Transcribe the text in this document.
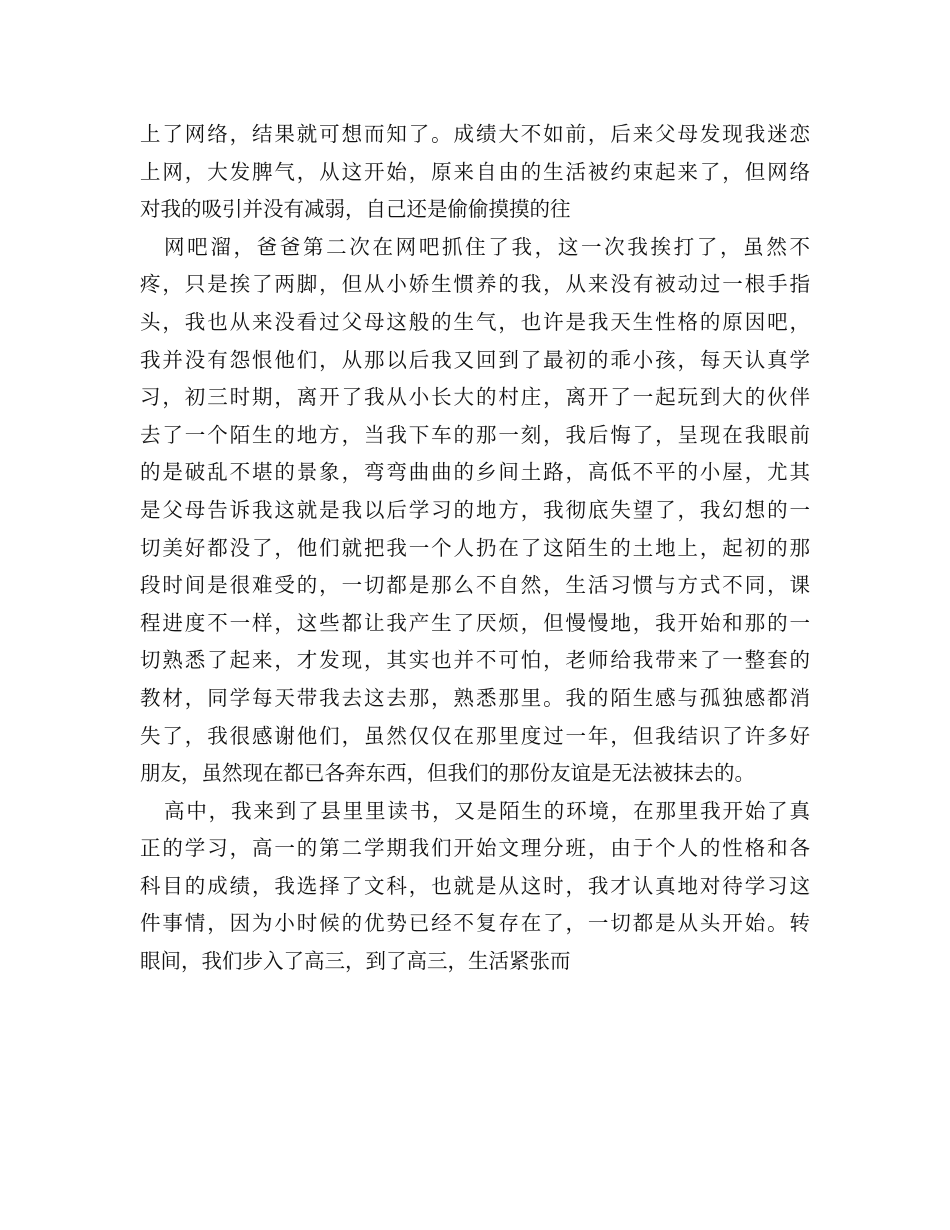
上了网络，结果就可想而知了。成绩大不如前，后来父母发现我迷恋
上网，大发脾气，从这开始，原来自由的生活被约束起来了，但网络
对我的吸引并没有减弱，自己还是偷偷摸摸的往
网吧溜，爸爸第二次在网吧抓住了我，这一次我挨打了，虽然不
疼，只是挨了两脚，但从小娇生惯养的我，从来没有被动过一根手指
头，我也从来没看过父母这般的生气，也许是我天生性格的原因吧，
我并没有怨恨他们，从那以后我又回到了最初的乖小孩，每天认真学
习，初三时期，离开了我从小长大的村庄，离开了一起玩到大的伙伴
去了一个陌生的地方，当我下车的那一刻，我后悔了，呈现在我眼前
的是破乱不堪的景象，弯弯曲曲的乡间土路，高低不平的小屋，尤其
是父母告诉我这就是我以后学习的地方，我彻底失望了，我幻想的一
切美好都没了，他们就把我一个人扔在了这陌生的土地上，起初的那
段时间是很难受的，一切都是那么不自然，生活习惯与方式不同，课
程进度不一样，这些都让我产生了厌烦，但慢慢地，我开始和那的一
切熟悉了起来，才发现，其实也并不可怕，老师给我带来了一整套的
教材，同学每天带我去这去那，熟悉那里。我的陌生感与孤独感都消
失了，我很感谢他们，虽然仅仅在那里度过一年，但我结识了许多好
朋友，虽然现在都已各奔东西，但我们的那份友谊是无法被抹去的。
高中，我来到了县里里读书，又是陌生的环境，在那里我开始了真
正的学习，高一的第二学期我们开始文理分班，由于个人的性格和各
科目的成绩，我选择了文科，也就是从这时，我才认真地对待学习这
件事情，因为小时候的优势已经不复存在了，一切都是从头开始。转
眼间，我们步入了高三，到了高三，生活紧张而
